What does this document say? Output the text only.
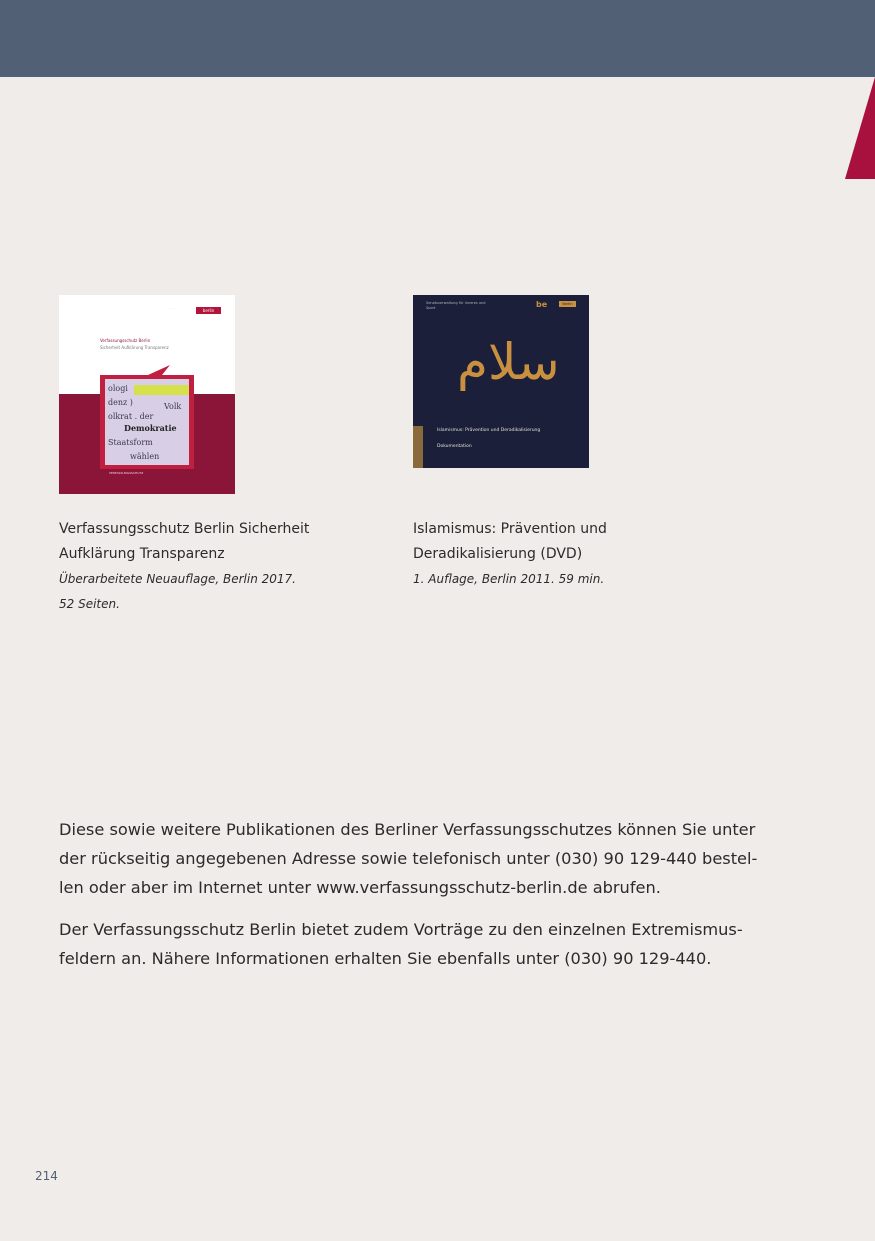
· · · ·	berlin
Verfassungsschutz Berlin
Sicherheit Aufklärung Transparenz
ologi
denz )
olkrat . der
Demokratie
Staatsform
wählen
Volk
VERFASSUNGSSCHUTZ
Senatsverwaltung für Inneres und Sport	be	Berlin
سلام
Islamismus: Prävention und Deradikalisierung
Dokumentation
Verfassungsschutz Berlin Sicherheit
Aufklärung Transparenz
Überarbeitete Neuauflage, Berlin 2017.
52 Seiten.
Islamismus: Prävention und
Deradikalisierung (DVD)
1. Auflage, Berlin 2011. 59 min.

Diese sowie weitere Publikationen des Berliner Verfassungsschutzes können Sie unter
der rückseitig angegebenen Adresse sowie telefonisch unter (030) 90 129-440 bestel-
len oder aber im Internet unter www.verfassungsschutz-berlin.de abrufen.

Der Verfassungsschutz Berlin bietet zudem Vorträge zu den einzelnen Extremismus-
feldern an. Nähere Informationen erhalten Sie ebenfalls unter (030) 90 129-440.

214
